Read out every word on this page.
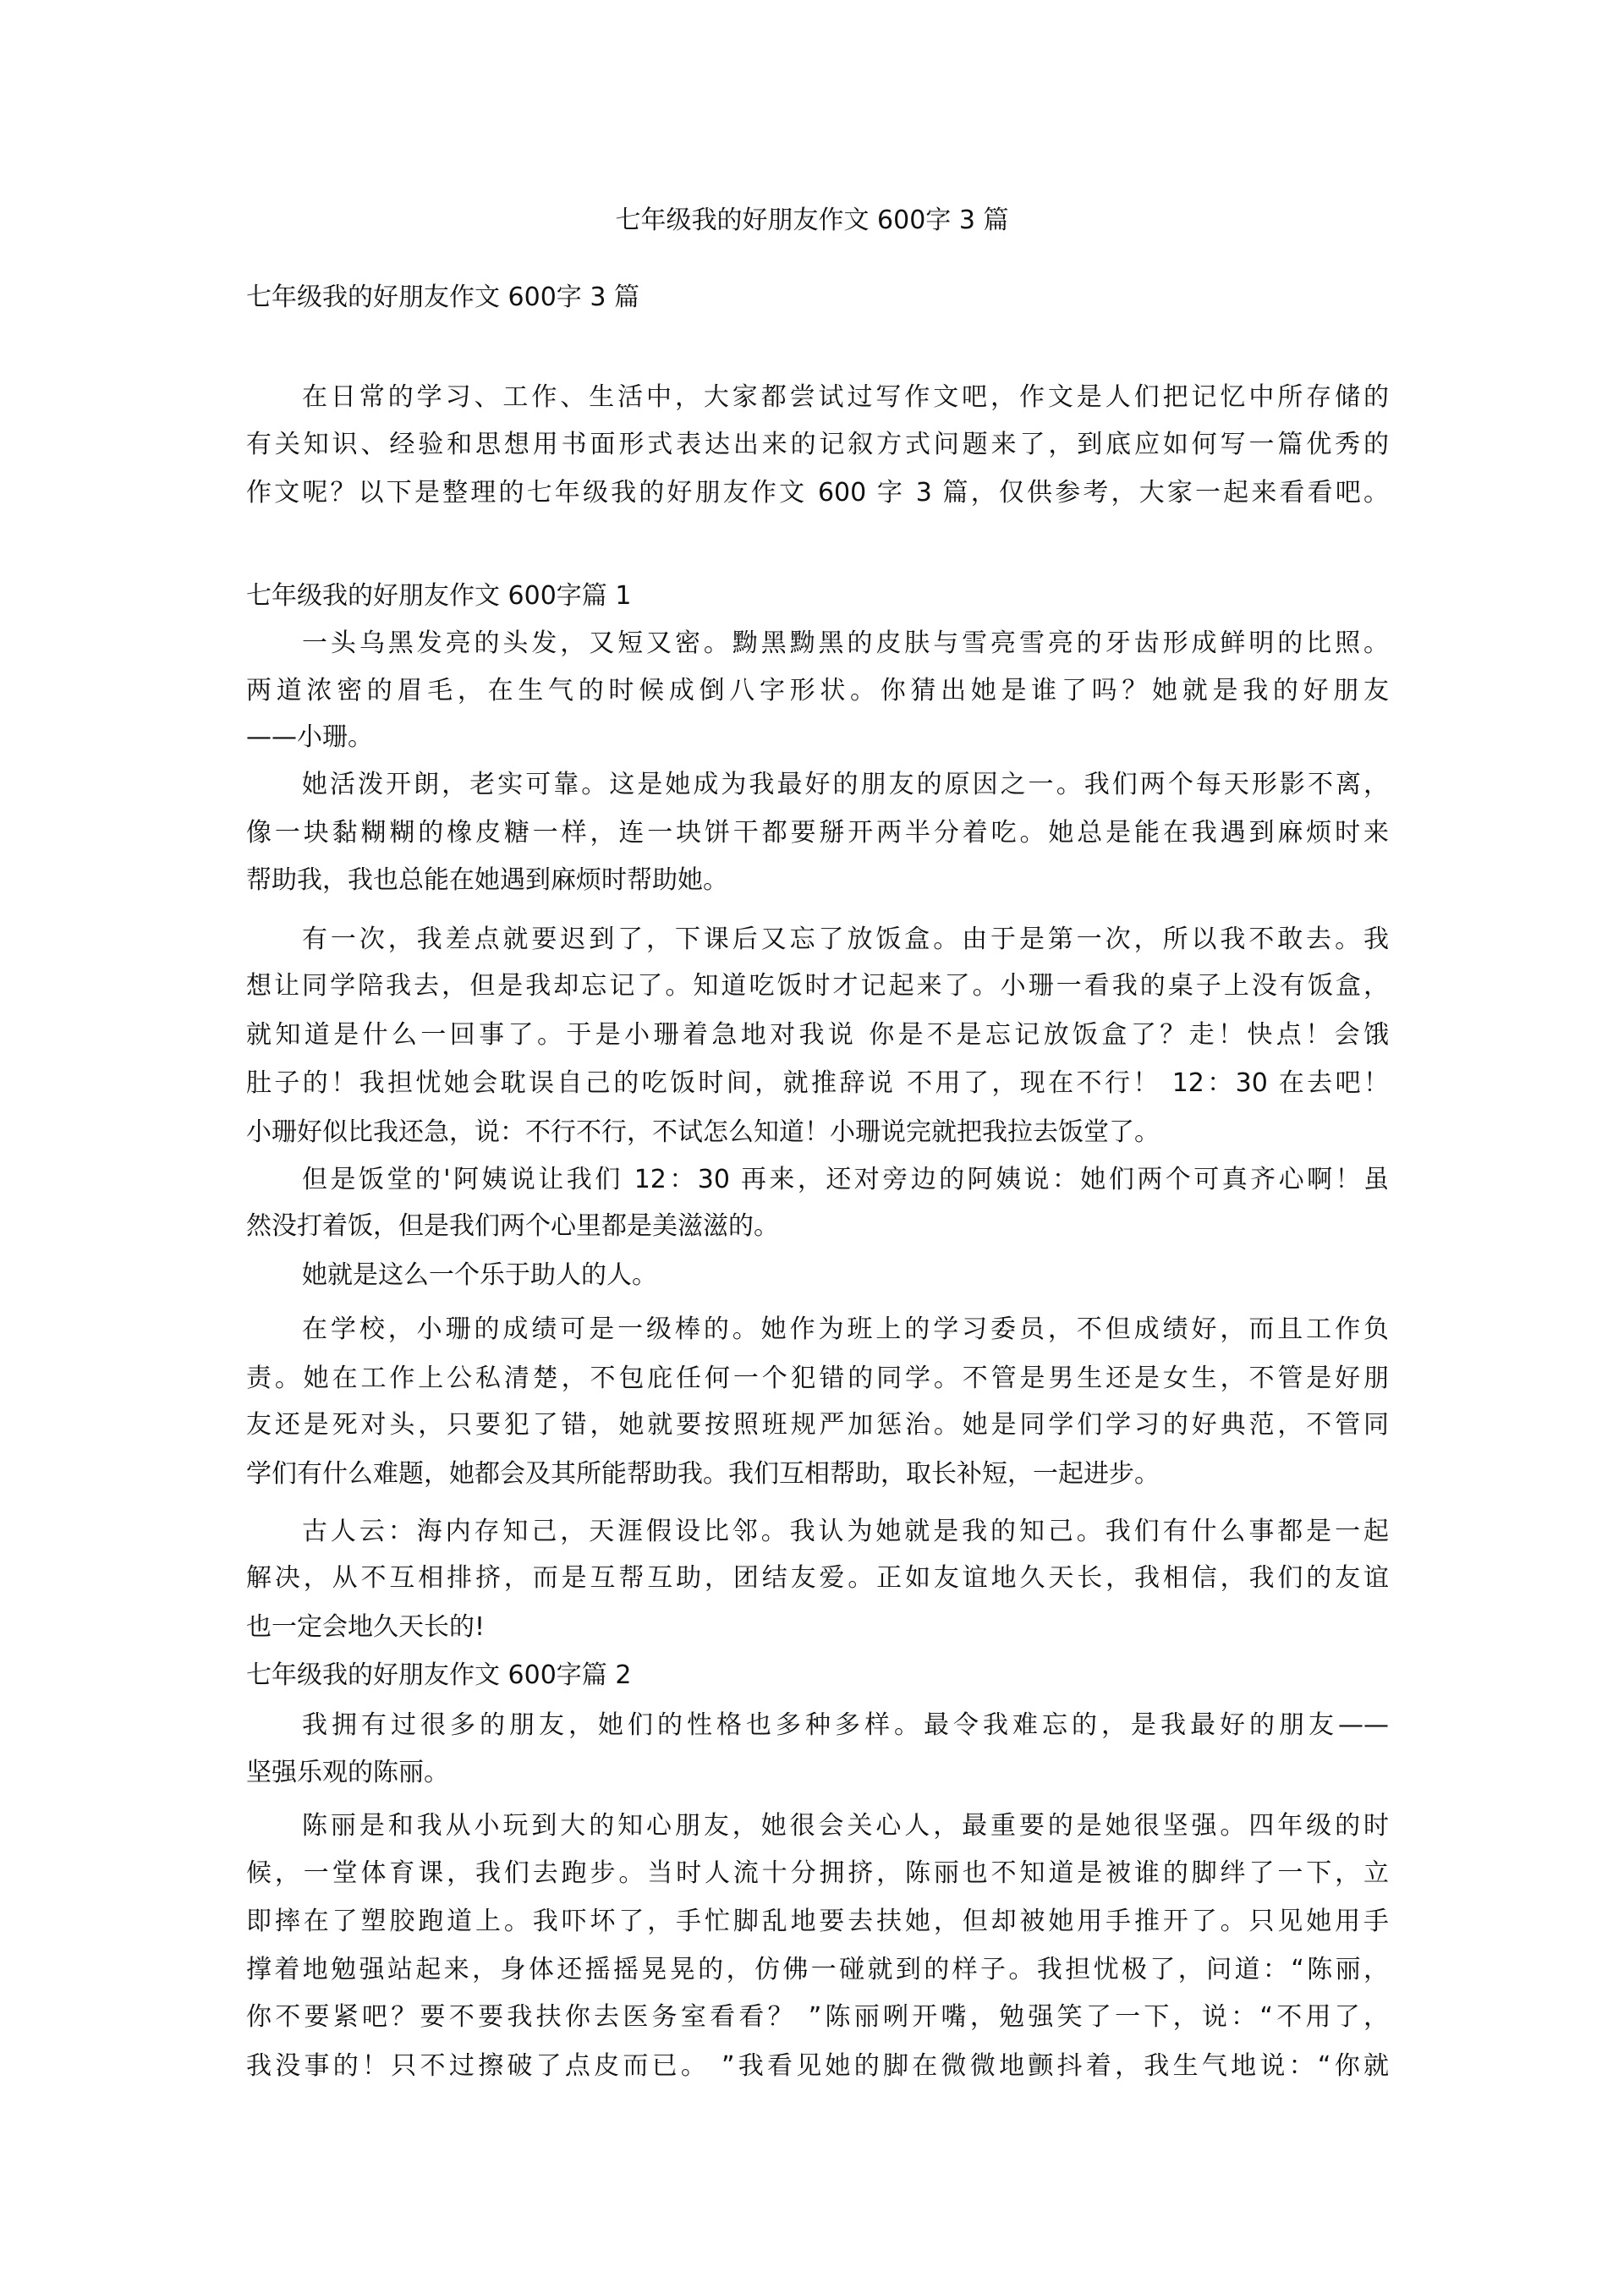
七年级我的好朋友作文 600字 3 篇
七年级我的好朋友作文 600字 3 篇
在日常的学习、工作、生活中，大家都尝试过写作文吧，作文是人们把记忆中所存储的
有关知识、经验和思想用书面形式表达出来的记叙方式问题来了，到底应如何写一篇优秀的
作文呢？以下是整理的七年级我的好朋友作文 600 字 3 篇，仅供参考，大家一起来看看吧。
七年级我的好朋友作文 600字篇 1
一头乌黑发亮的头发，又短又密。黝黑黝黑的皮肤与雪亮雪亮的牙齿形成鲜明的比照。
两道浓密的眉毛，在生气的时候成倒八字形状。你猜出她是谁了吗？她就是我的好朋友
——小珊。
她活泼开朗，老实可靠。这是她成为我最好的朋友的原因之一。我们两个每天形影不离，
像一块黏糊糊的橡皮糖一样，连一块饼干都要掰开两半分着吃。她总是能在我遇到麻烦时来
帮助我，我也总能在她遇到麻烦时帮助她。
有一次，我差点就要迟到了，下课后又忘了放饭盒。由于是第一次，所以我不敢去。我
想让同学陪我去，但是我却忘记了。知道吃饭时才记起来了。小珊一看我的桌子上没有饭盒，
就知道是什么一回事了。于是小珊着急地对我说 你是不是忘记放饭盒了？走！快点！会饿
肚子的！我担忧她会耽误自己的吃饭时间，就推辞说 不用了，现在不行！ 12：30 在去吧！
小珊好似比我还急，说：不行不行，不试怎么知道！小珊说完就把我拉去饭堂了。
但是饭堂的'阿姨说让我们 12：30 再来，还对旁边的阿姨说：她们两个可真齐心啊！虽
然没打着饭，但是我们两个心里都是美滋滋的。
她就是这么一个乐于助人的人。
在学校，小珊的成绩可是一级棒的。她作为班上的学习委员，不但成绩好，而且工作负
责。她在工作上公私清楚，不包庇任何一个犯错的同学。不管是男生还是女生，不管是好朋
友还是死对头，只要犯了错，她就要按照班规严加惩治。她是同学们学习的好典范，不管同
学们有什么难题，她都会及其所能帮助我。我们互相帮助，取长补短，一起进步。
古人云：海内存知己，天涯假设比邻。我认为她就是我的知己。我们有什么事都是一起
解决，从不互相排挤，而是互帮互助，团结友爱。正如友谊地久天长，我相信，我们的友谊
也一定会地久天长的!
七年级我的好朋友作文 600字篇 2
我拥有过很多的朋友，她们的性格也多种多样。最令我难忘的，是我最好的朋友——
坚强乐观的陈丽。
陈丽是和我从小玩到大的知心朋友，她很会关心人，最重要的是她很坚强。四年级的时
候，一堂体育课，我们去跑步。当时人流十分拥挤，陈丽也不知道是被谁的脚绊了一下，立
即摔在了塑胶跑道上。我吓坏了，手忙脚乱地要去扶她，但却被她用手推开了。只见她用手
撑着地勉强站起来，身体还摇摇晃晃的，仿佛一碰就到的样子。我担忧极了，问道：“陈丽，
你不要紧吧？要不要我扶你去医务室看看？ ”陈丽咧开嘴，勉强笑了一下，说：“不用了，
我没事的！只不过擦破了点皮而已。 ”我看见她的脚在微微地颤抖着，我生气地说：“你就
